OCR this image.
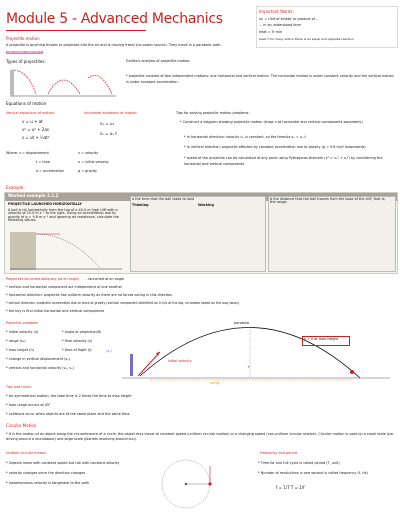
Module 5 - Advanced Mechanics	Important Words:
hu = Unit of kinetic or product of ...
... in an understood form
heat = Tr min
heat = for many action there is an equal and opposite reaction
Projectile motion
A projectile is anything thrown or projected into the air and is moving freely (no power source). They move in a parabolic path.
non-linear trajectory
Types of projectiles:	Galileo's analysis of projectile motion:
* projectile consists of two independent motions: one horizontal and vertical motion. The horizontal motion is under constant velocity and the vertical motion is under constant acceleration.
Equations of motion
Vertical equations of motion:
v = u + at
v² = u² + 2as
s = ut + ½at²
Horizontal equations of motion:
vₓ = uₓ
sₓ = uₓ t
Where: s = displacement
t = time
a = acceleration
v = velocity
u = initial velocity
g = gravity
Tips for solving projectile motion problems:
* Construct a diagram showing projectile motion (show u at horizontal and vertical components separately)
* In horizontal direction: velocity uₓ is constant, so the formula sₓ = uₓ t
* In vertical direction: projectile affected by constant acceleration due to gravity (g = 9.8 m/s² downwards)
* speed of the projectile can be calculated at any point using Pythagoras theorem (v² = vₓ² + vᵧ²) by considering the horizontal and vertical components
Example:
Worked example 2.1.2
PROJECTILE LAUNCHED HORIZONTALLY
A ball is hit horizontally from the top of a 40.0 m high cliff with a velocity of 25.0 m s⁻¹ to the right. Using an acceleration due to gravity of g = 9.8 m s⁻² and ignoring air resistance, calculate the following values.
a the time that the ball takes to land
Thinking	Working
b the distance that the ball travels from the base of the cliff, that is, the range.
Projectiles launched obliquely (at an angle) - launched at an angle
* vertical and horizontal component act independent of one another
* horizontal direction: projectile has uniform velocity as there are no forces acting in this direction
* vertical direction: projectile accelerates due to force of gravity (vertical component identified as 0 m/s at the top, increases speed on the way down)
* the key is find initial horizontal and vertical components
Projectile variables
* initial velocity (u)
* range (sₓ)
* max height (h)
* change in vertical displacement (sᵧ)
* vertical and horizontal velocity (vₓ, vᵧ)
* angle of projection(θ)
* final velocity (v)
* time of flight (t)
parabola
v = 0 at max height
h
range
(sᵧ)
initial velocity
Tips and tricks:
* for symmetrical motion, the total time is 2 times the time to max height
* max range occurs at 45°
* collisions occur when objects are at the same place and the same time
Circular Motion
* It is the motion of an object along the circumference of a circle; the object may travel at constant speed (uniform circular motion) or a changing speed (non-uniform circular motion). Circular motion is used on a small scale (car driving around a roundabout) and large scale (planets revolving around sun).
Uniform circular motion
* Objects move with constant speed but not with constant velocity
* velocity changes since the direction changes
* instantaneous velocity is tangential to the path
Frequency and period
* Time for one full cycle is called period (T, unit)
* Number of revolutions in one second is called frequency (f, Hz)
f = 1/T T = 1/f
